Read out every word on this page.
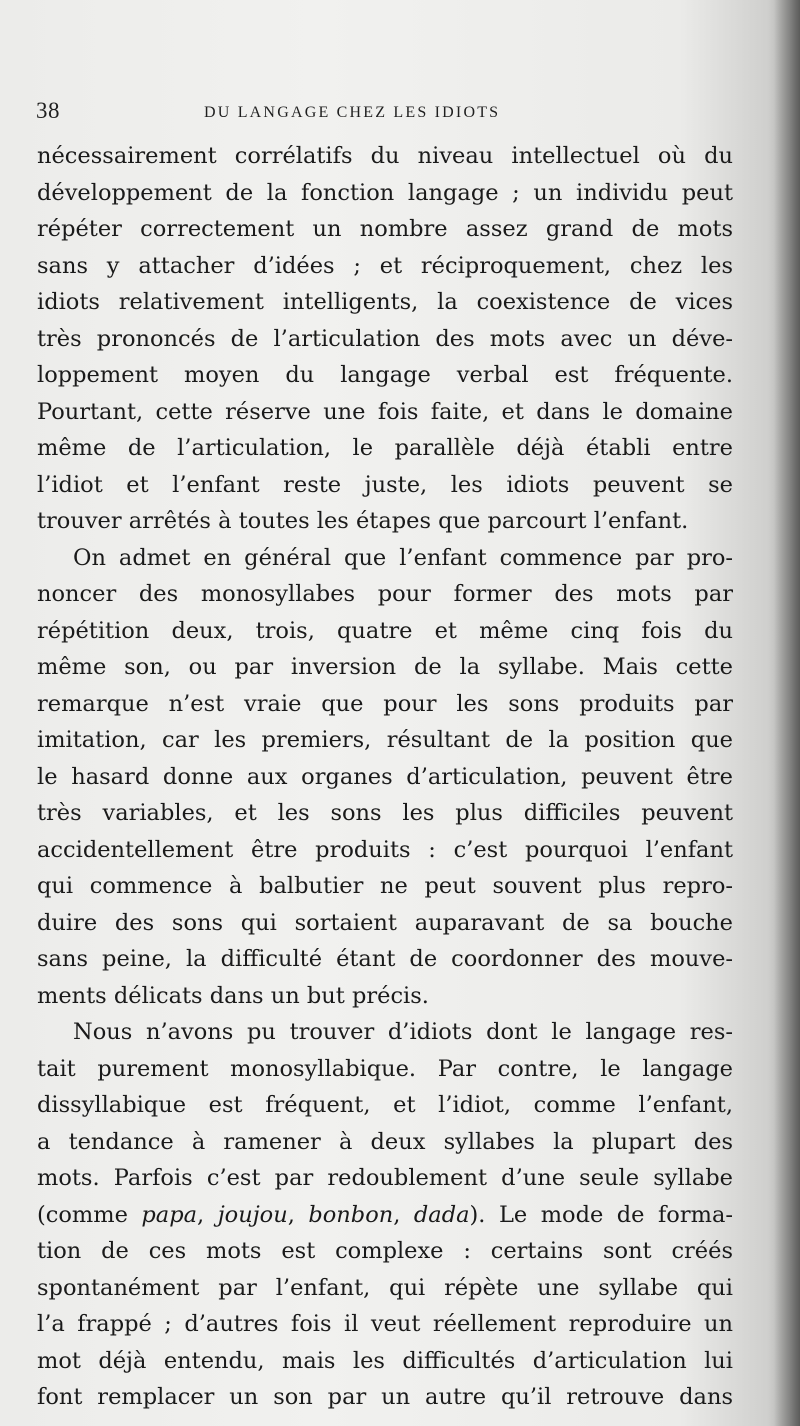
38	DU LANGAGE CHEZ LES IDIOTS

nécessairement corrélatifs du niveau intellectuel où du
développement de la fonction langage ; un individu peut
répéter correctement un nombre assez grand de mots
sans y attacher d’idées ; et réciproquement, chez les
idiots relativement intelligents, la coexistence de vices
très prononcés de l’articulation des mots avec un déve-
loppement moyen du langage verbal est fréquente.
Pourtant, cette réserve une fois faite, et dans le domaine
même de l’articulation, le parallèle déjà établi entre
l’idiot et l’enfant reste juste, les idiots peuvent se
trouver arrêtés à toutes les étapes que parcourt l’enfant.

On admet en général que l’enfant commence par pro-
noncer des monosyllabes pour former des mots par
répétition deux, trois, quatre et même cinq fois du
même son, ou par inversion de la syllabe. Mais cette
remarque n’est vraie que pour les sons produits par
imitation, car les premiers, résultant de la position que
le hasard donne aux organes d’articulation, peuvent être
très variables, et les sons les plus difficiles peuvent
accidentellement être produits : c’est pourquoi l’enfant
qui commence à balbutier ne peut souvent plus repro-
duire des sons qui sortaient auparavant de sa bouche
sans peine, la difficulté étant de coordonner des mouve-
ments délicats dans un but précis.

Nous n’avons pu trouver d’idiots dont le langage res-
tait purement monosyllabique. Par contre, le langage
dissyllabique est fréquent, et l’idiot, comme l’enfant,
a tendance à ramener à deux syllabes la plupart des
mots. Parfois c’est par redoublement d’une seule syllabe
(comme papa, joujou, bonbon, dada). Le mode de forma-
tion de ces mots est complexe : certains sont créés
spontanément par l’enfant, qui répète une syllabe qui
l’a frappé ; d’autres fois il veut réellement reproduire un
mot déjà entendu, mais les difficultés d’articulation lui
font remplacer un son par un autre qu’il retrouve dans
